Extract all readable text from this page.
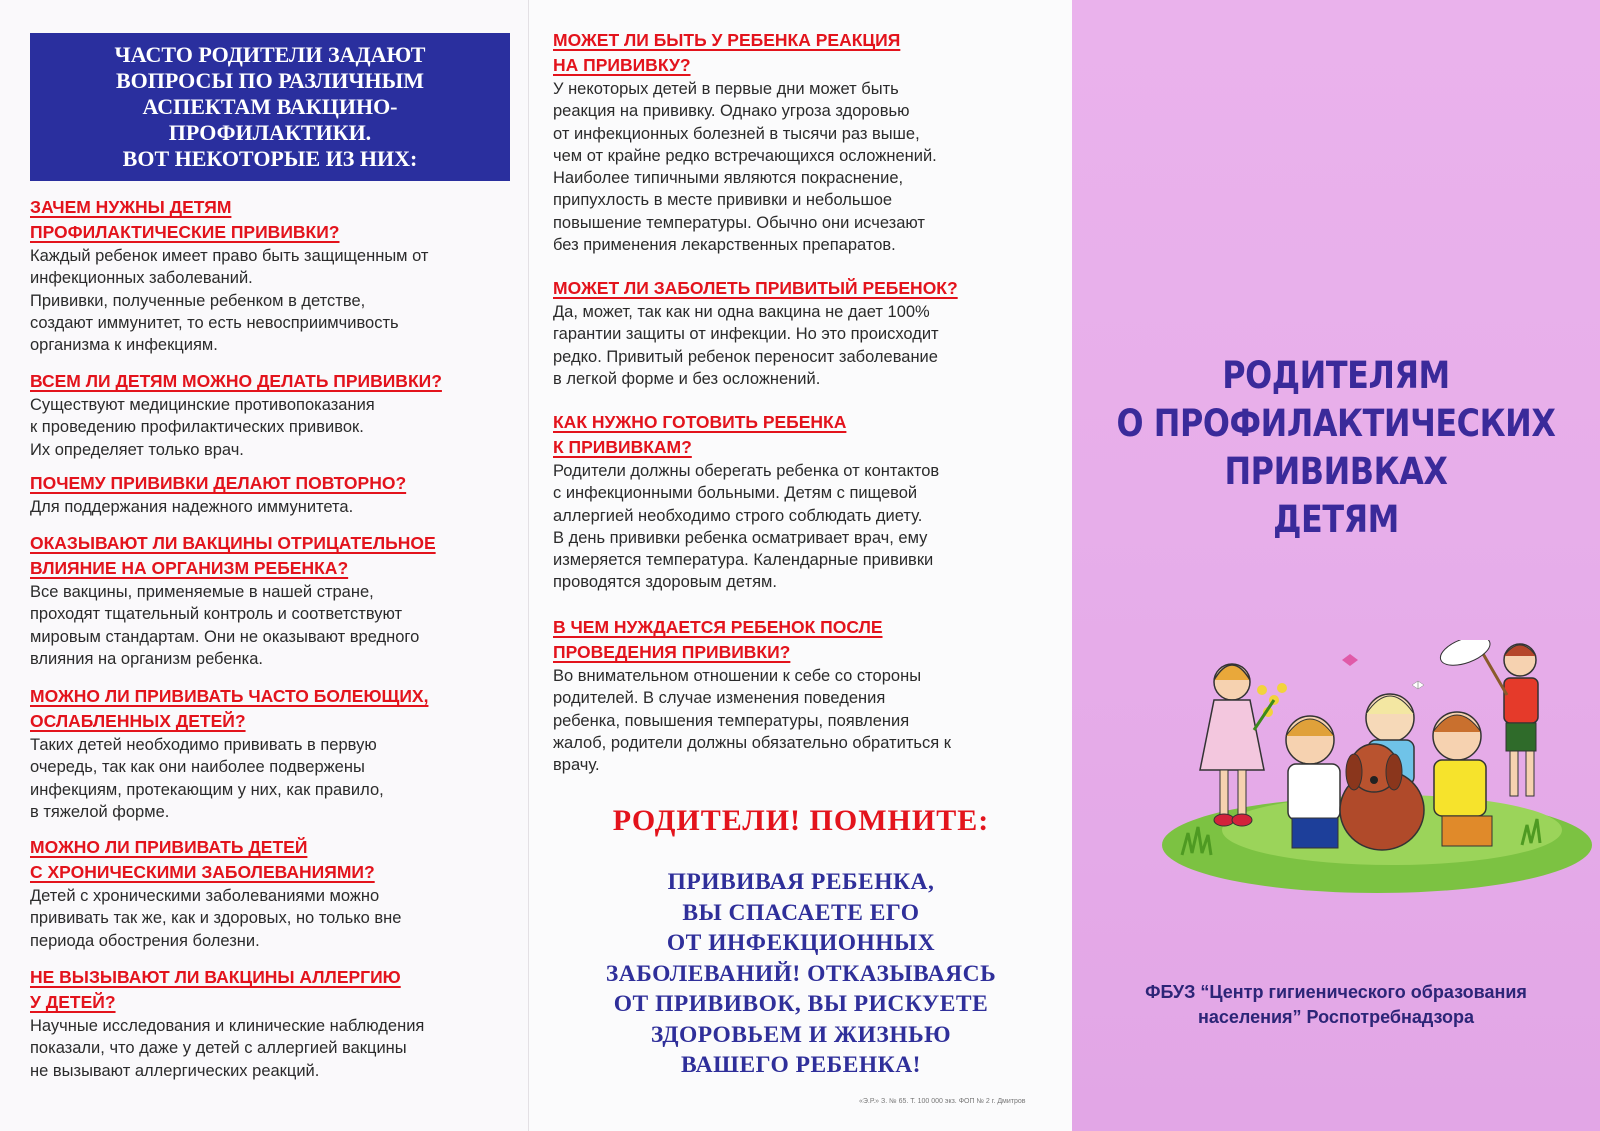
ЧАСТО РОДИТЕЛИ ЗАДАЮТ
ВОПРОСЫ ПО РАЗЛИЧНЫМ
АСПЕКТАМ ВАКЦИНО-
ПРОФИЛАКТИКИ.
ВОТ НЕКОТОРЫЕ ИЗ НИХ:

ЗАЧЕМ НУЖНЫ ДЕТЯМ
ПРОФИЛАКТИЧЕСКИЕ ПРИВИВКИ?

Каждый ребенок имеет право быть защищенным от
инфекционных заболеваний.
Прививки, полученные ребенком в детстве,
создают иммунитет, то есть невосприимчивость
организма к инфекциям.

ВСЕМ ЛИ ДЕТЯМ МОЖНО ДЕЛАТЬ ПРИВИВКИ?

Существуют медицинские противопоказания
к проведению профилактических прививок.
Их определяет только врач.

ПОЧЕМУ ПРИВИВКИ ДЕЛАЮТ ПОВТОРНО?

Для поддержания надежного иммунитета.

ОКАЗЫВАЮТ ЛИ ВАКЦИНЫ ОТРИЦАТЕЛЬНОЕ
ВЛИЯНИЕ НА ОРГАНИЗМ РЕБЕНКА?

Все вакцины, применяемые в нашей стране,
проходят тщательный контроль и соответствуют
мировым стандартам. Они не оказывают вредного
влияния на организм ребенка.

МОЖНО ЛИ ПРИВИВАТЬ ЧАСТО БОЛЕЮЩИХ,
ОСЛАБЛЕННЫХ ДЕТЕЙ?

Таких детей необходимо прививать в первую
очередь, так как они наиболее подвержены
инфекциям, протекающим у них, как правило,
в тяжелой форме.

МОЖНО ЛИ ПРИВИВАТЬ ДЕТЕЙ
С ХРОНИЧЕСКИМИ ЗАБОЛЕВАНИЯМИ?

Детей с хроническими заболеваниями можно
прививать так же, как и здоровых, но только вне
периода обострения болезни.

НЕ ВЫЗЫВАЮТ ЛИ ВАКЦИНЫ АЛЛЕРГИЮ
У ДЕТЕЙ?

Научные исследования и клинические наблюдения
показали, что даже у детей с аллергией вакцины
не вызывают аллергических реакций.

МОЖЕТ ЛИ БЫТЬ У РЕБЕНКА РЕАКЦИЯ
НА ПРИВИВКУ?

У некоторых детей в первые дни может быть
реакция на прививку. Однако угроза здоровью
от инфекционных болезней в тысячи раз выше,
чем от крайне редко встречающихся осложнений.
Наиболее типичными являются покраснение,
припухлость в месте прививки и небольшое
повышение температуры. Обычно они исчезают
без применения лекарственных препаратов.

МОЖЕТ ЛИ ЗАБОЛЕТЬ ПРИВИТЫЙ РЕБЕНОК?

Да, может, так как ни одна вакцина не дает 100%
гарантии защиты от инфекции. Но это происходит
редко. Привитый ребенок переносит заболевание
в легкой форме и без осложнений.

КАК НУЖНО ГОТОВИТЬ РЕБЕНКА
К ПРИВИВКАМ?

Родители должны оберегать ребенка от контактов
с инфекционными больными. Детям с пищевой
аллергией необходимо строго соблюдать диету.
В день прививки ребенка осматривает врач, ему
измеряется температура. Календарные прививки
проводятся здоровым детям.

В ЧЕМ НУЖДАЕТСЯ РЕБЕНОК ПОСЛЕ
ПРОВЕДЕНИЯ ПРИВИВКИ?

Во внимательном отношении к себе со стороны
родителей. В случае изменения поведения
ребенка, повышения температуры, появления
жалоб, родители должны обязательно обратиться к
врачу.

РОДИТЕЛИ! ПОМНИТЕ:
ПРИВИВАЯ РЕБЕНКА,
ВЫ СПАСАЕТЕ ЕГО
ОТ ИНФЕКЦИОННЫХ
ЗАБОЛЕВАНИЙ! ОТКАЗЫВАЯСЬ
ОТ ПРИВИВОК, ВЫ РИСКУЕТЕ
ЗДОРОВЬЕМ И ЖИЗНЬЮ
ВАШЕГО РЕБЕНКА!
«Э.Р.» З. № 65. Т. 100 000 экз. ФОП № 2 г. Дмитров
РОДИТЕЛЯМ
О ПРОФИЛАКТИЧЕСКИХ
ПРИВИВКАХ
ДЕТЯМ
ФБУЗ “Центр гигиенического образования
населения” Роспотребнадзора
